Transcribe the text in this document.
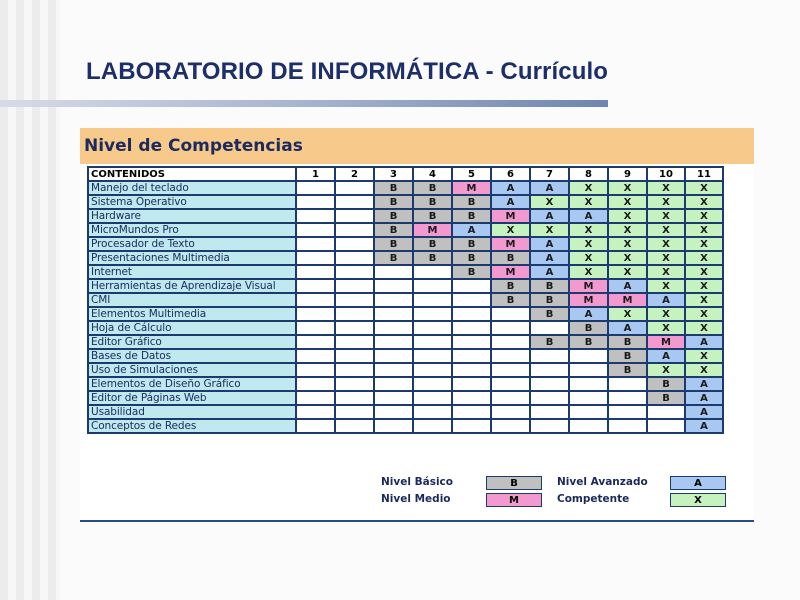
LABORATORIO DE INFORMÁTICA - Currículo
Nivel de Competencias
CONTENIDOS	1	2	3	4	5	6	7	8	9	10	11
Manejo del teclado			B	B	M	A	A	X	X	X	X
Sistema Operativo			B	B	B	A	X	X	X	X	X
Hardware			B	B	B	M	A	A	X	X	X
MicroMundos Pro			B	M	A	X	X	X	X	X	X
Procesador de Texto			B	B	B	M	A	X	X	X	X
Presentaciones Multimedia			B	B	B	B	A	X	X	X	X
Internet					B	M	A	X	X	X	X
Herramientas de Aprendizaje Visual						B	B	M	A	X	X
CMI						B	B	M	M	A	X
Elementos Multimedia							B	A	X	X	X
Hoja de Cálculo								B	A	X	X
Editor Gráfico							B	B	B	M	A
Bases de Datos									B	A	X
Uso de Simulaciones									B	X	X
Elementos de Diseño Gráfico										B	A
Editor de Páginas Web										B	A
Usabilidad											A
Conceptos de Redes											A
Nivel Básico	B
Nivel Medio	M
Nivel Avanzado	A
Competente	X
